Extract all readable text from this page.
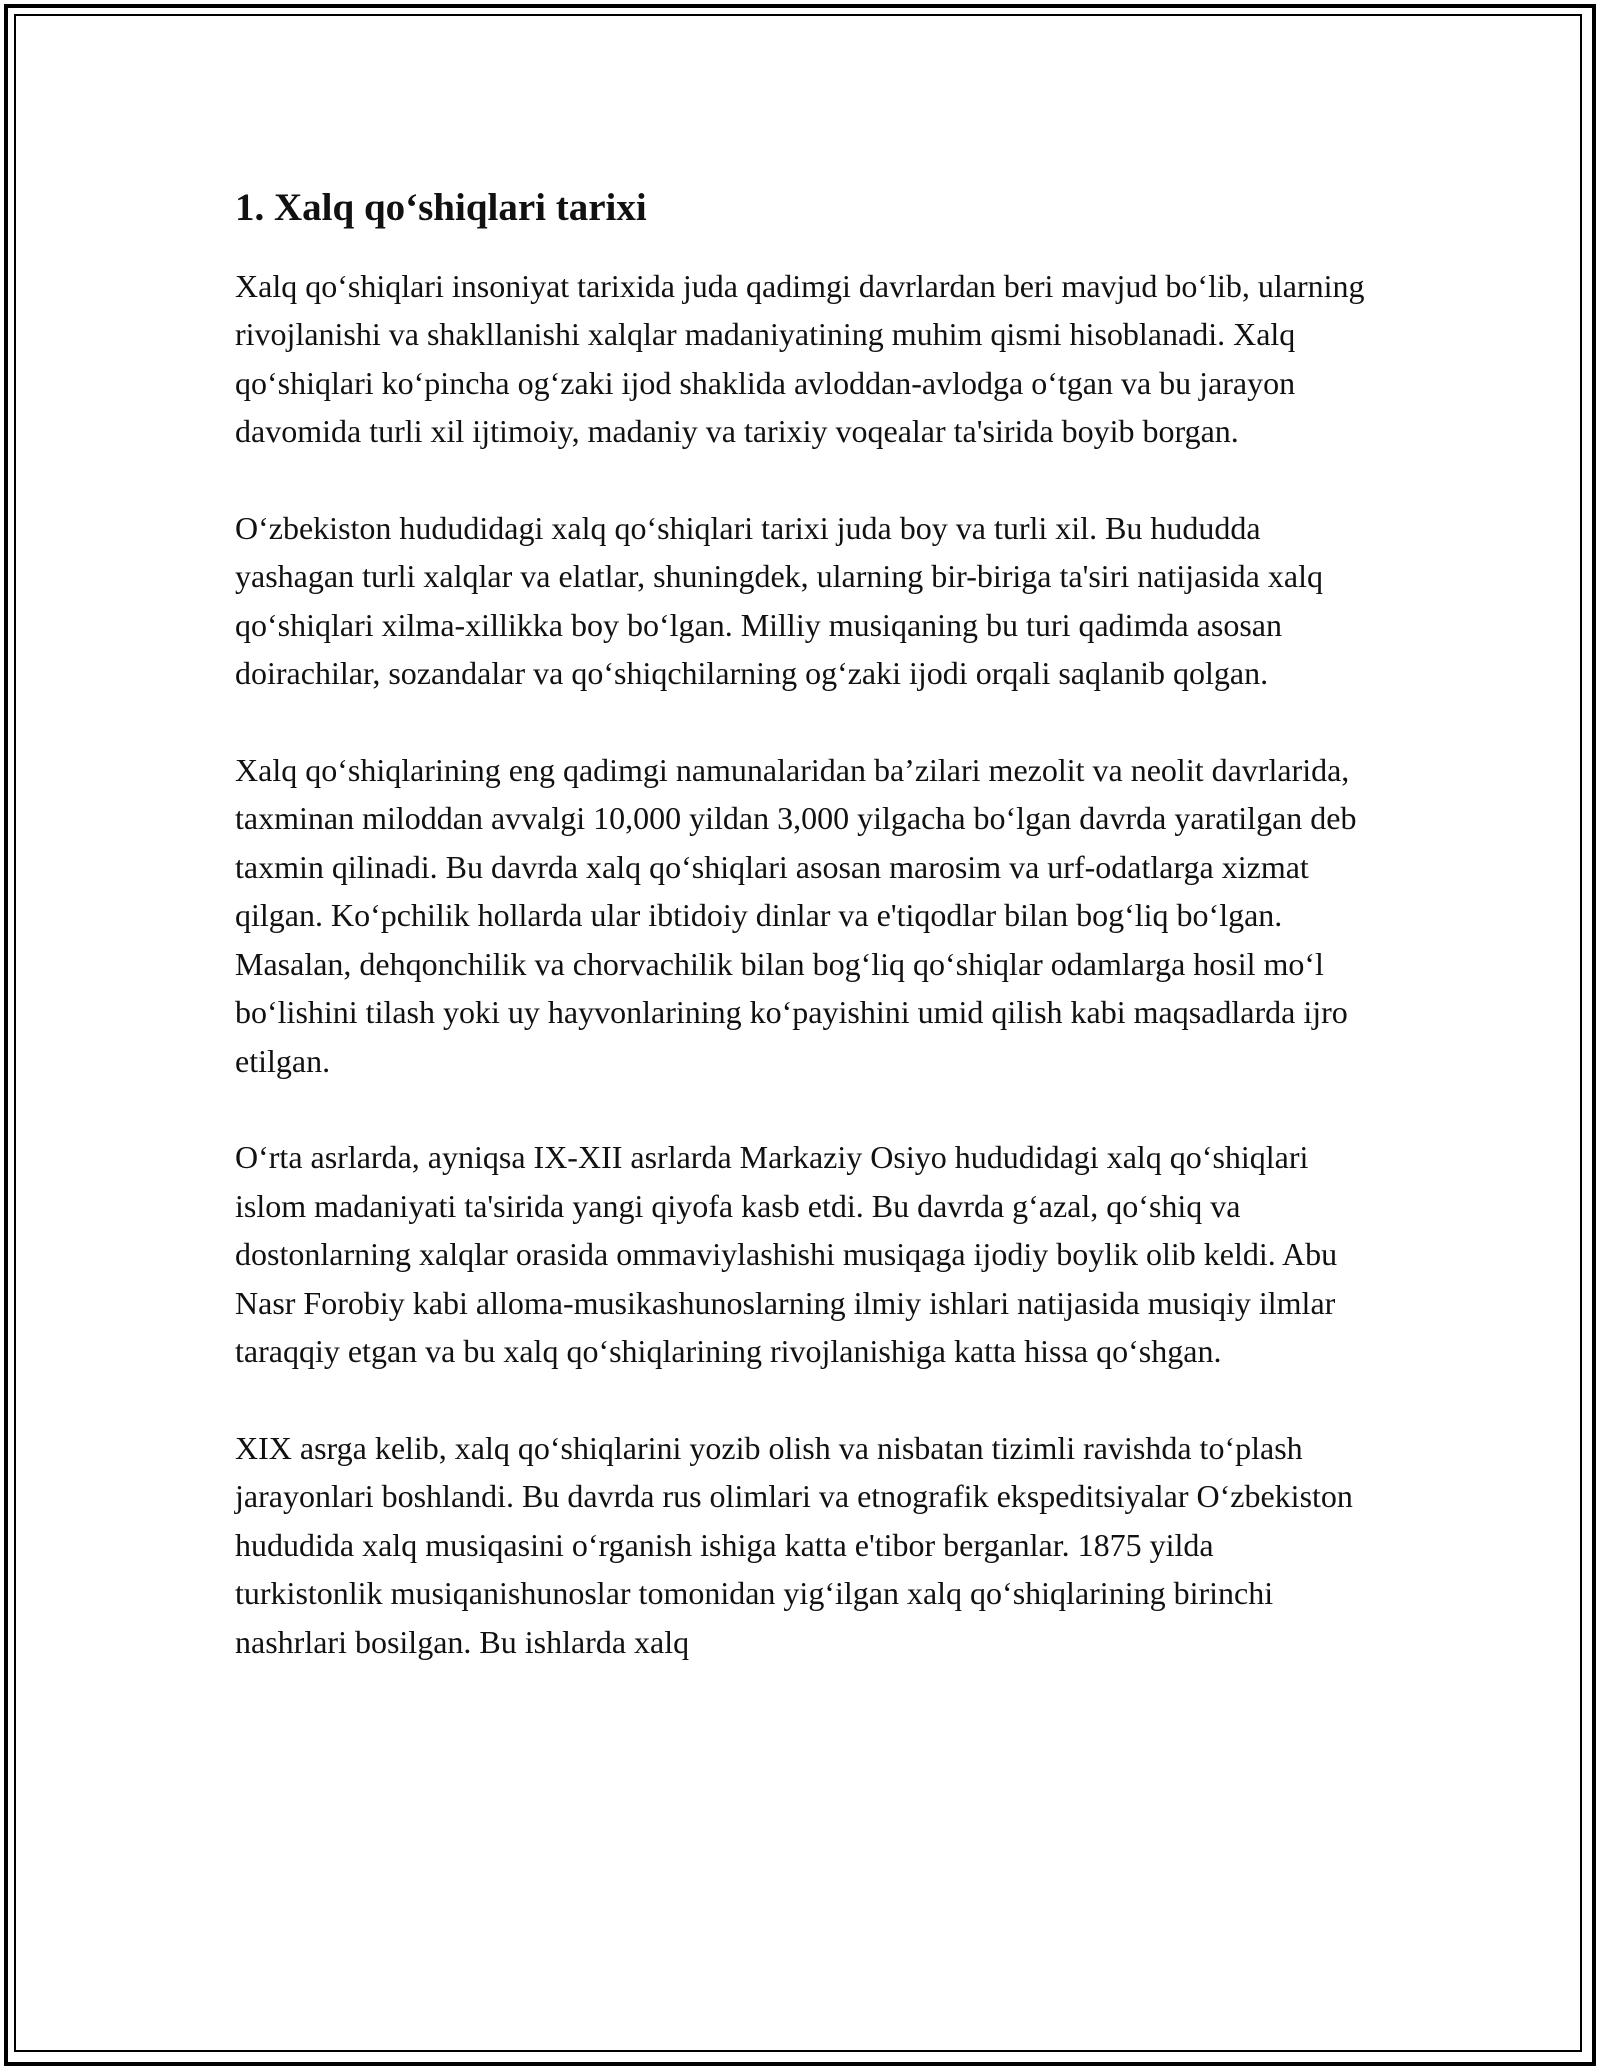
1. Xalq qoʻshiqlari tarixi

Xalq qoʻshiqlari insoniyat tarixida juda qadimgi davrlardan beri mavjud boʻlib, ularning rivojlanishi va shakllanishi xalqlar madaniyatining muhim qismi hisoblanadi. Xalq qoʻshiqlari koʻpincha ogʻzaki ijod shaklida avloddan-avlodga oʻtgan va bu jarayon davomida turli xil ijtimoiy, madaniy va tarixiy voqealar ta'sirida boyib borgan.

Oʻzbekiston hududidagi xalq qoʻshiqlari tarixi juda boy va turli xil. Bu hududda yashagan turli xalqlar va elatlar, shuningdek, ularning bir-biriga ta'siri natijasida xalq qoʻshiqlari xilma-xillikka boy boʻlgan. Milliy musiqaning bu turi qadimda asosan doirachilar, sozandalar va qoʻshiqchilarning ogʻzaki ijodi orqali saqlanib qolgan.

Xalq qoʻshiqlarining eng qadimgi namunalaridan baʼzilari mezolit va neolit davrlarida, taxminan miloddan avvalgi 10,000 yildan 3,000 yilgacha boʻlgan davrda yaratilgan deb taxmin qilinadi. Bu davrda xalq qoʻshiqlari asosan marosim va urf-odatlarga xizmat qilgan. Koʻpchilik hollarda ular ibtidoiy dinlar va e'tiqodlar bilan bogʻliq boʻlgan. Masalan, dehqonchilik va chorvachilik bilan bogʻliq qoʻshiqlar odamlarga hosil moʻl boʻlishini tilash yoki uy hayvonlarining koʻpayishini umid qilish kabi maqsadlarda ijro etilgan.

Oʻrta asrlarda, ayniqsa IX-XII asrlarda Markaziy Osiyo hududidagi xalq qoʻshiqlari islom madaniyati ta'sirida yangi qiyofa kasb etdi. Bu davrda gʻazal, qoʻshiq va dostonlarning xalqlar orasida ommaviylashishi musiqaga ijodiy boylik olib keldi. Abu Nasr Forobiy kabi alloma-musikashunoslarning ilmiy ishlari natijasida musiqiy ilmlar taraqqiy etgan va bu xalq qoʻshiqlarining rivojlanishiga katta hissa qoʻshgan.

XIX asrga kelib, xalq qoʻshiqlarini yozib olish va nisbatan tizimli ravishda toʻplash jarayonlari boshlandi. Bu davrda rus olimlari va etnografik ekspeditsiyalar Oʻzbekiston hududida xalq musiqasini oʻrganish ishiga katta e'tibor berganlar. 1875 yilda turkistonlik musiqanishunoslar tomonidan yigʻilgan xalq qoʻshiqlarining birinchi nashrlari bosilgan. Bu ishlarda xalq
